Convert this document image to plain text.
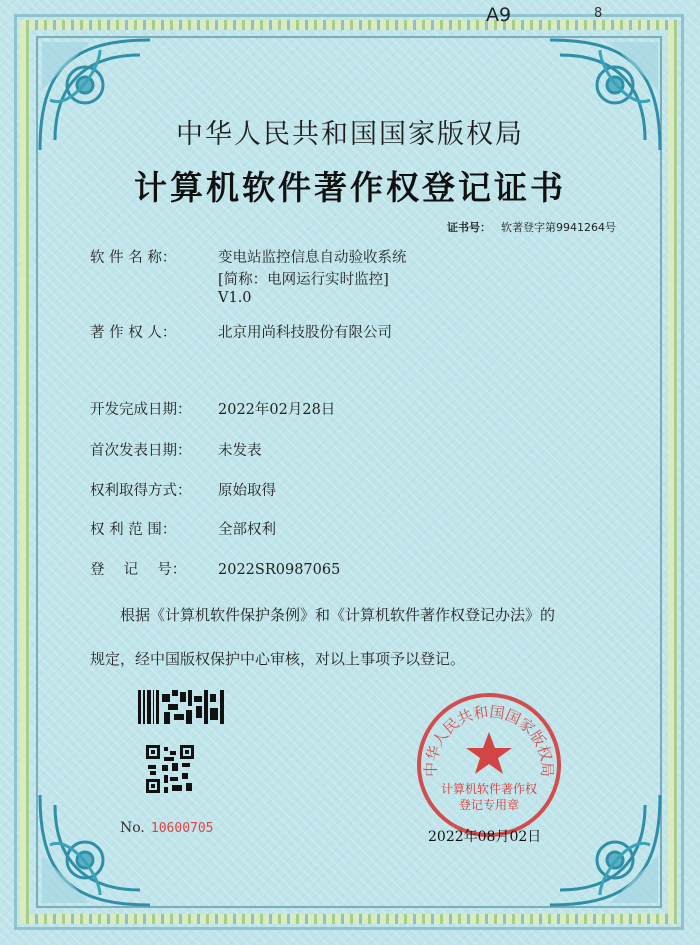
A9	8
中华人民共和国国家版权局
计算机软件著作权登记证书
证书号： 软著登字第9941264号
软 件 名 称：	变电站监控信息自动验收系统
[简称：电网运行实时监控]
V1.0
著 作 权 人：	北京用尚科技股份有限公司
开发完成日期： 2022年02月28日
首次发表日期： 未发表
权利取得方式： 原始取得
权 利 范 围：	全部权利
登　 记　 号： 2022SR0987065
根据《计算机软件保护条例》和《计算机软件著作权登记办法》的
规定，经中国版权保护中心审核，对以上事项予以登记。
No. 10600705
中华人民共和国国家版权局
计算机软件著作权
登记专用章
2022年08月02日
